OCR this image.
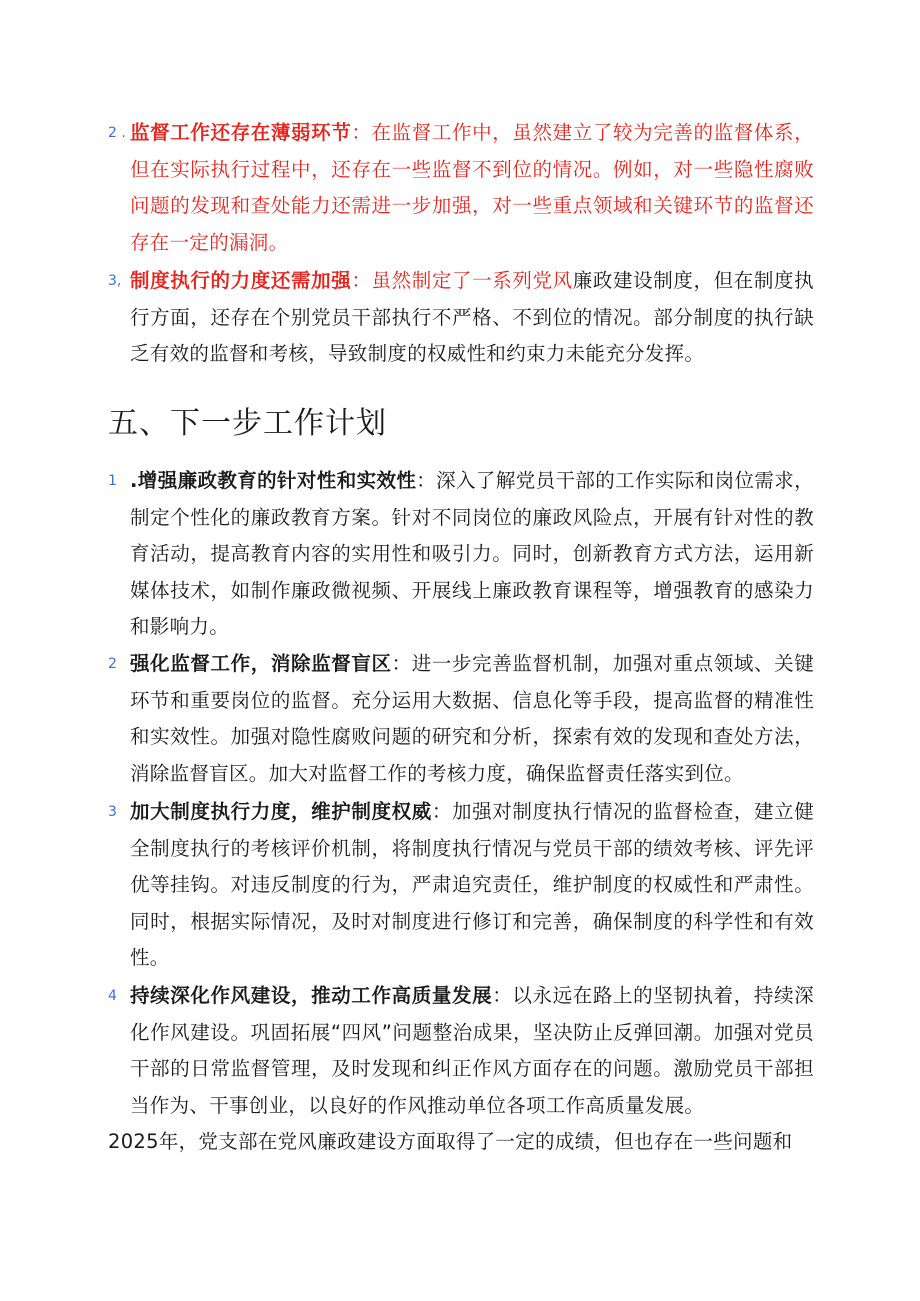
2 . 监督工作还存在薄弱环节：在监督工作中，虽然建立了较为完善的监督体系，但在实际执行过程中，还存在一些监督不到位的情况。例如，对一些隐性腐败问题的发现和查处能力还需进一步加强，对一些重点领域和关键环节的监督还存在一定的漏洞。
3, 制度执行的力度还需加强：虽然制定了一系列党风廉政建设制度，但在制度执行方面，还存在个别党员干部执行不严格、不到位的情况。部分制度的执行缺乏有效的监督和考核，导致制度的权威性和约束力未能充分发挥。
五、下一步工作计划
1 .增强廉政教育的针对性和实效性：深入了解党员干部的工作实际和岗位需求，制定个性化的廉政教育方案。针对不同岗位的廉政风险点，开展有针对性的教育活动，提高教育内容的实用性和吸引力。同时，创新教育方式方法，运用新媒体技术，如制作廉政微视频、开展线上廉政教育课程等，增强教育的感染力和影响力。
2 强化监督工作，消除监督盲区：进一步完善监督机制，加强对重点领域、关键环节和重要岗位的监督。充分运用大数据、信息化等手段，提高监督的精准性和实效性。加强对隐性腐败问题的研究和分析，探索有效的发现和查处方法，消除监督盲区。加大对监督工作的考核力度，确保监督责任落实到位。
3 加大制度执行力度，维护制度权威：加强对制度执行情况的监督检查，建立健全制度执行的考核评价机制，将制度执行情况与党员干部的绩效考核、评先评优等挂钩。对违反制度的行为，严肃追究责任，维护制度的权威性和严肃性。同时，根据实际情况，及时对制度进行修订和完善，确保制度的科学性和有效性。
4 持续深化作风建设，推动工作高质量发展：以永远在路上的坚韧执着，持续深化作风建设。巩固拓展“四风”问题整治成果，坚决防止反弹回潮。加强对党员干部的日常监督管理，及时发现和纠正作风方面存在的问题。激励党员干部担当作为、干事创业，以良好的作风推动单位各项工作高质量发展。
2025年，党支部在党风廉政建设方面取得了一定的成绩，但也存在一些问题和
